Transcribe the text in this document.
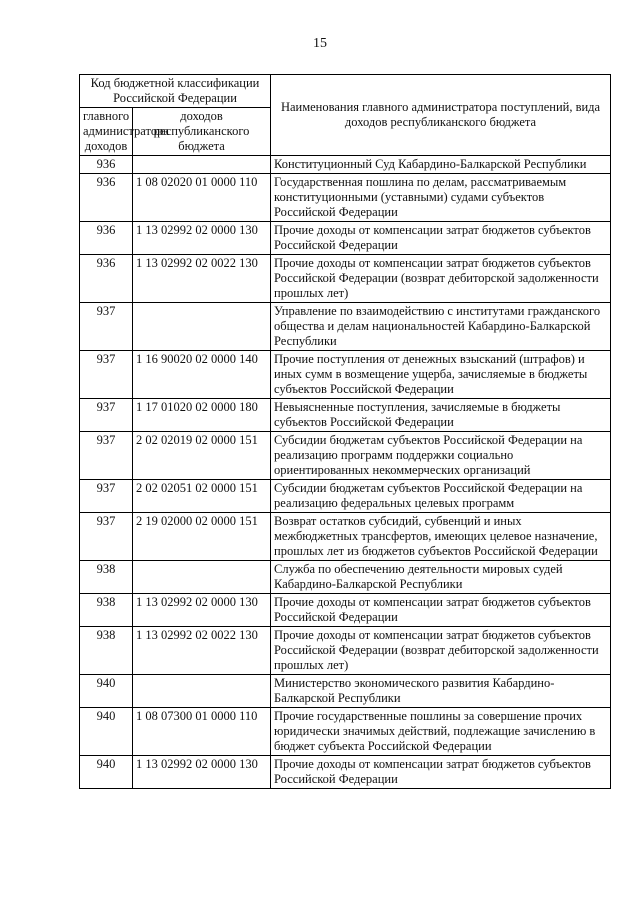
15
Код бюджетной классификации Российской Федерации		Наименования главного администратора поступлений, вида доходов республиканского бюджета
главного администратора доходов	доходов республиканского бюджета	
936		Конституционный Суд Кабардино-Балкарской Республики
936	1 08 02020 01 0000 110	Государственная пошлина по делам, рассматриваемым конституционными (уставными) судами субъектов Российской Федерации
936	1 13 02992 02 0000 130	Прочие доходы от компенсации затрат бюджетов субъектов Российской Федерации
936	1 13 02992 02 0022 130	Прочие доходы от компенсации затрат бюджетов субъектов Российской Федерации (возврат дебиторской задолженности прошлых лет)
937		Управление по взаимодействию с институтами гражданского общества и делам национальностей Кабардино-Балкарской Республики
937	1 16 90020 02 0000 140	Прочие поступления от денежных взысканий (штрафов) и иных сумм в возмещение ущерба, зачисляемые в бюджеты субъектов Российской Федерации
937	1 17 01020 02 0000 180	Невыясненные поступления, зачисляемые в бюджеты субъектов Российской Федерации
937	2 02 02019 02 0000 151	Субсидии бюджетам субъектов Российской Федерации на реализацию программ поддержки социально ориентированных некоммерческих организаций
937	2 02 02051 02 0000 151	Субсидии бюджетам субъектов Российской Федерации на реализацию федеральных целевых программ
937	2 19 02000 02 0000 151	Возврат остатков субсидий, субвенций и иных межбюджетных трансфертов, имеющих целевое назначение, прошлых лет из бюджетов субъектов Российской Федерации
938		Служба по обеспечению деятельности мировых судей Кабардино-Балкарской Республики
938	1 13 02992 02 0000 130	Прочие доходы от компенсации затрат бюджетов субъектов Российской Федерации
938	1 13 02992 02 0022 130	Прочие доходы от компенсации затрат бюджетов субъектов Российской Федерации (возврат дебиторской задолженности прошлых лет)
940		Министерство экономического развития Кабардино-Балкарской Республики
940	1 08 07300 01 0000 110	Прочие государственные пошлины за совершение прочих юридически значимых действий, подлежащие зачислению в бюджет субъекта Российской Федерации
940	1 13 02992 02 0000 130	Прочие доходы от компенсации затрат бюджетов субъектов Российской Федерации
